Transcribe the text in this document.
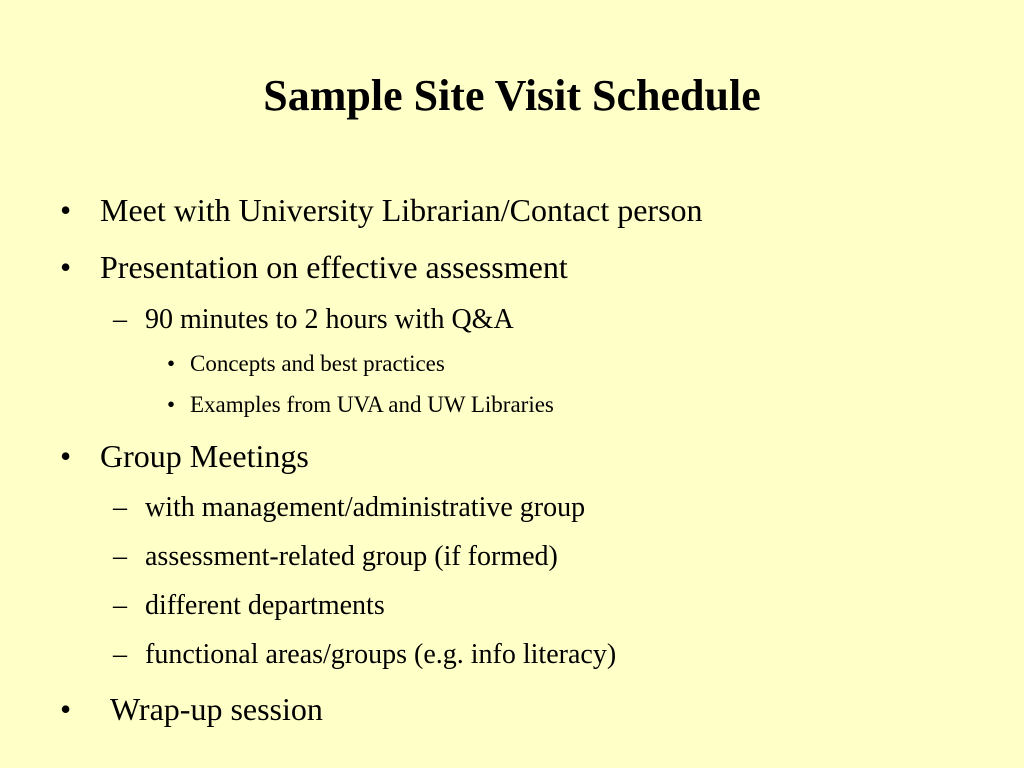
Sample Site Visit Schedule
• Meet with University Librarian/Contact person
• Presentation on effective assessment
– 90 minutes to 2 hours with Q&A
• Concepts and best practices
• Examples from UVA and UW Libraries
• Group Meetings
– with management/administrative group
– assessment-related group (if formed)
– different departments
– functional areas/groups (e.g. info literacy)
• Wrap-up session
